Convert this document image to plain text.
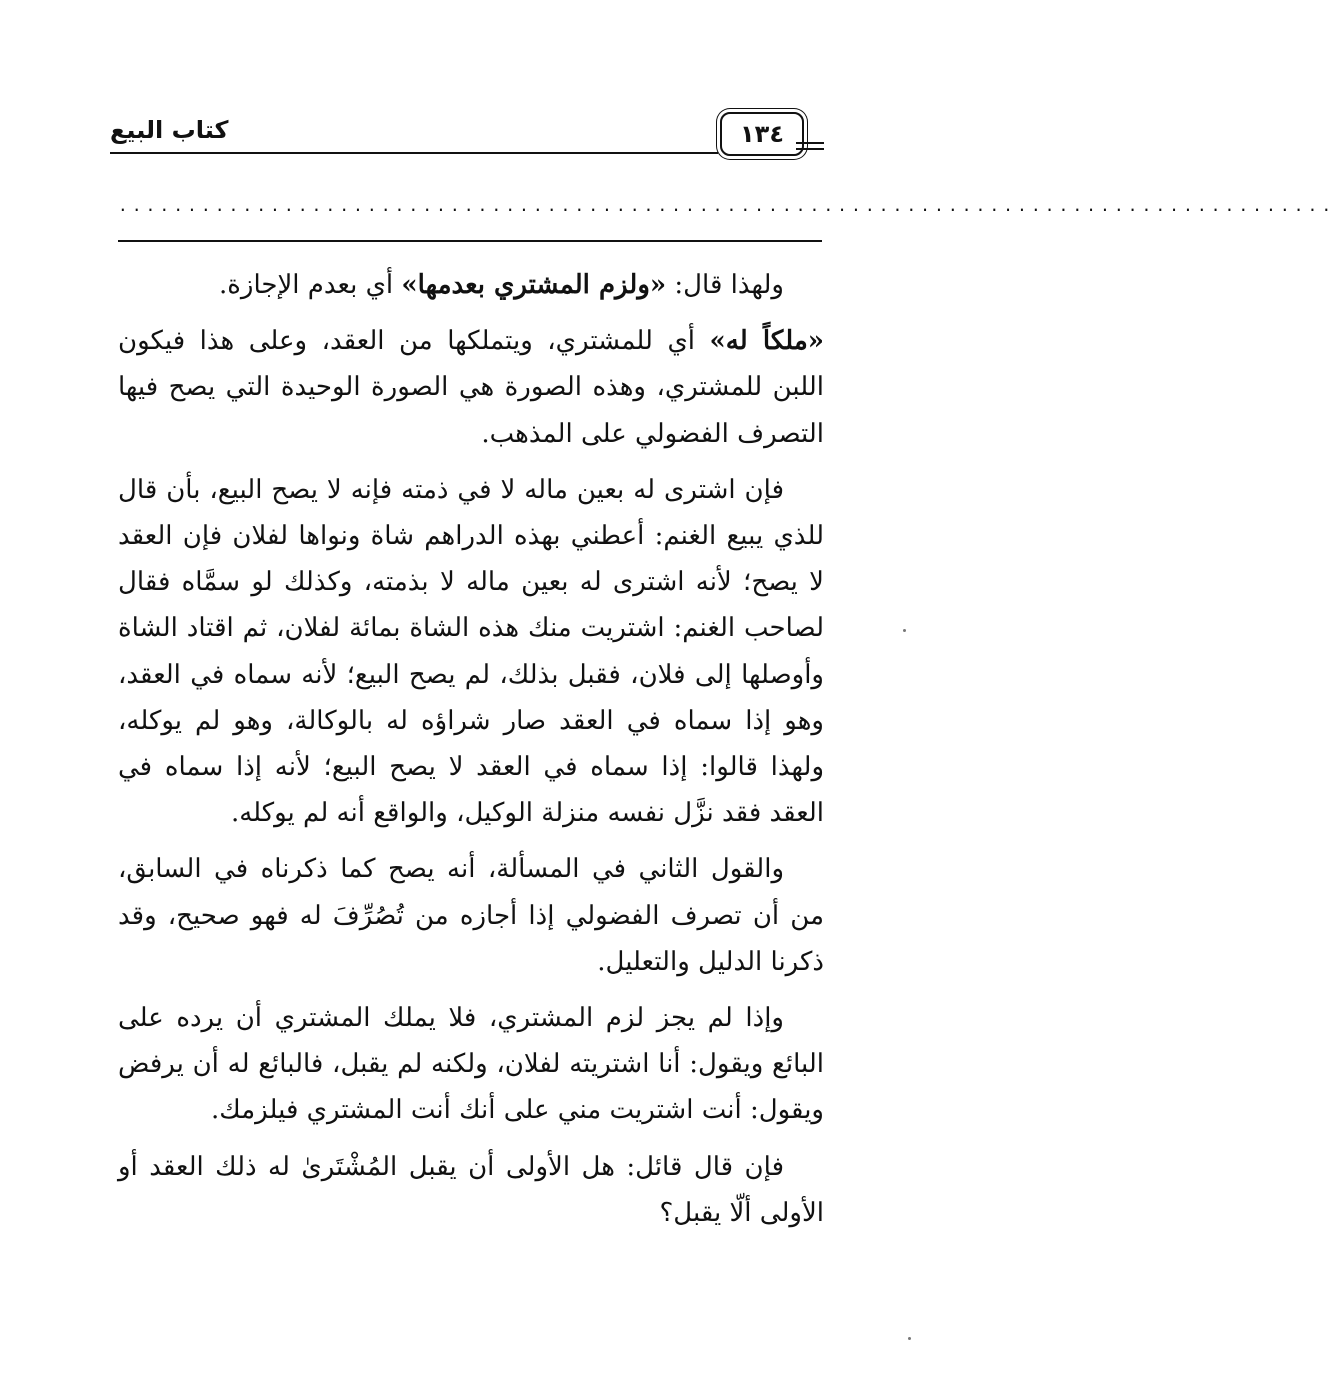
كتاب البيع	١٣٤
........................................................................................

ولهذا قال: «ولزم المشتري بعدمها» أي بعدم الإجازة.

«ملكاً له» أي للمشتري، ويتملكها من العقد، وعلى هذا فيكون اللبن للمشتري، وهذه الصورة هي الصورة الوحيدة التي يصح فيها التصرف الفضولي على المذهب.

فإن اشترى له بعين ماله لا في ذمته فإنه لا يصح البيع، بأن قال للذي يبيع الغنم: أعطني بهذه الدراهم شاة ونواها لفلان فإن العقد لا يصح؛ لأنه اشترى له بعين ماله لا بذمته، وكذلك لو سمَّاه فقال لصاحب الغنم: اشتريت منك هذه الشاة بمائة لفلان، ثم اقتاد الشاة وأوصلها إلى فلان، فقبل بذلك، لم يصح البيع؛ لأنه سماه في العقد، وهو إذا سماه في العقد صار شراؤه له بالوكالة، وهو لم يوكله، ولهذا قالوا: إذا سماه في العقد لا يصح البيع؛ لأنه إذا سماه في العقد فقد نزَّل نفسه منزلة الوكيل، والواقع أنه لم يوكله.

والقول الثاني في المسألة، أنه يصح كما ذكرناه في السابق، من أن تصرف الفضولي إذا أجازه من تُصُرِّفَ له فهو صحيح، وقد ذكرنا الدليل والتعليل.

وإذا لم يجز لزم المشتري، فلا يملك المشتري أن يرده على البائع ويقول: أنا اشتريته لفلان، ولكنه لم يقبل، فالبائع له أن يرفض ويقول: أنت اشتريت مني على أنك أنت المشتري فيلزمك.

فإن قال قائل: هل الأولى أن يقبل المُشْتَرىٰ له ذلك العقد أو الأولى ألّا يقبل؟
